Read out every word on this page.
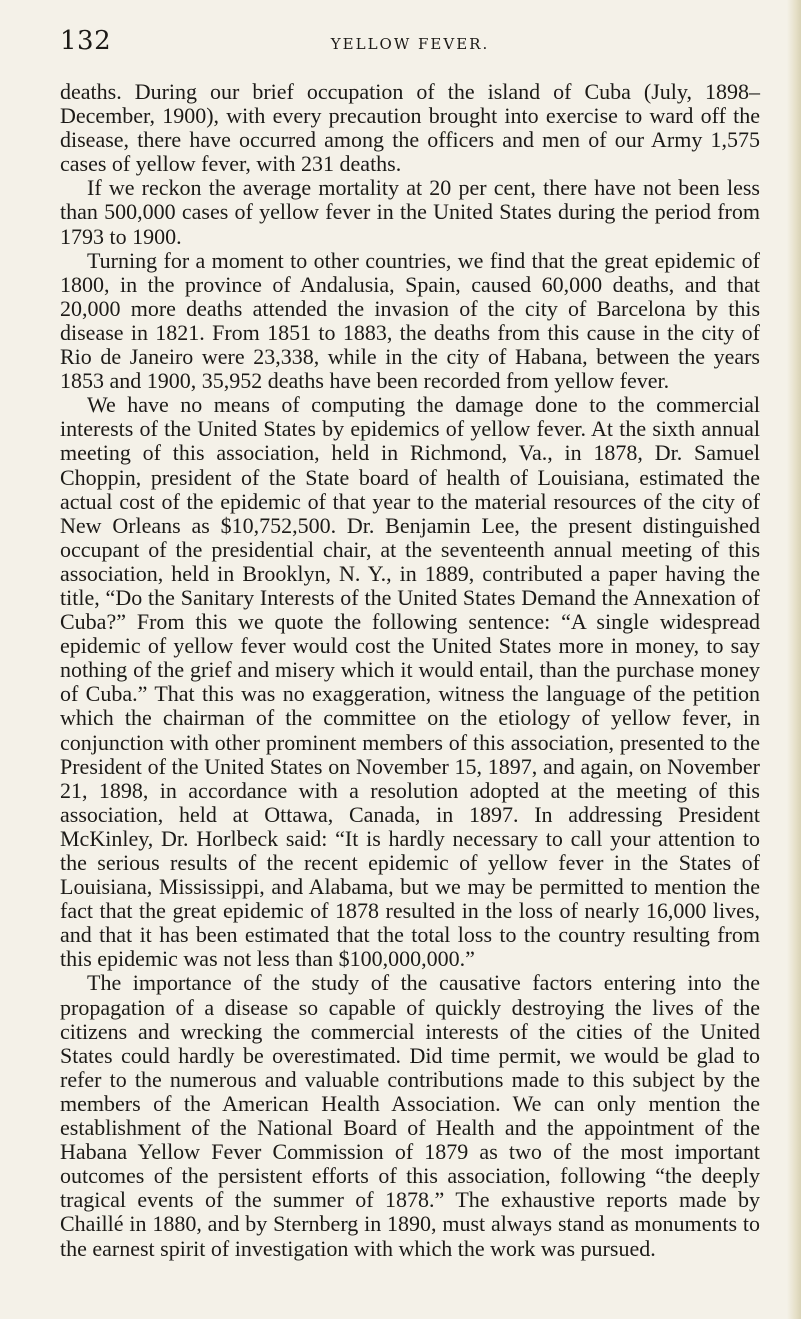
132	YELLOW FEVER.

deaths. During our brief occupation of the island of Cuba (July, 1898–December, 1900), with every precaution brought into exercise to ward off the disease, there have occurred among the officers and men of our Army 1,575 cases of yellow fever, with 231 deaths.

If we reckon the average mortality at 20 per cent, there have not been less than 500,000 cases of yellow fever in the United States during the period from 1793 to 1900.

Turning for a moment to other countries, we find that the great epidemic of 1800, in the province of Andalusia, Spain, caused 60,000 deaths, and that 20,000 more deaths attended the invasion of the city of Barcelona by this disease in 1821. From 1851 to 1883, the deaths from this cause in the city of Rio de Janeiro were 23,338, while in the city of Habana, between the years 1853 and 1900, 35,952 deaths have been recorded from yellow fever.

We have no means of computing the damage done to the commercial interests of the United States by epidemics of yellow fever. At the sixth annual meeting of this association, held in Richmond, Va., in 1878, Dr. Samuel Choppin, president of the State board of health of Louisiana, estimated the actual cost of the epidemic of that year to the material resources of the city of New Orleans as $10,752,500. Dr. Benjamin Lee, the present distinguished occupant of the presidential chair, at the seventeenth annual meeting of this association, held in Brooklyn, N. Y., in 1889, contributed a paper having the title, “Do the Sanitary Interests of the United States Demand the Annexation of Cuba?” From this we quote the following sentence: “A single widespread epidemic of yellow fever would cost the United States more in money, to say nothing of the grief and misery which it would entail, than the purchase money of Cuba.” That this was no exaggeration, witness the language of the petition which the chairman of the committee on the etiology of yellow fever, in conjunction with other prominent members of this association, presented to the President of the United States on November 15, 1897, and again, on November 21, 1898, in accordance with a resolution adopted at the meeting of this association, held at Ottawa, Canada, in 1897. In addressing President McKinley, Dr. Horlbeck said: “It is hardly necessary to call your attention to the serious results of the recent epidemic of yellow fever in the States of Louisiana, Mississippi, and Alabama, but we may be permitted to mention the fact that the great epidemic of 1878 resulted in the loss of nearly 16,000 lives, and that it has been estimated that the total loss to the country resulting from this epidemic was not less than $100,000,000.”

The importance of the study of the causative factors entering into the propagation of a disease so capable of quickly destroying the lives of the citizens and wrecking the commercial interests of the cities of the United States could hardly be overestimated. Did time permit, we would be glad to refer to the numerous and valuable contributions made to this subject by the members of the American Health Association. We can only mention the establishment of the National Board of Health and the appointment of the Habana Yellow Fever Commission of 1879 as two of the most important outcomes of the persistent efforts of this association, following “the deeply tragical events of the summer of 1878.” The exhaustive reports made by Chaillé in 1880, and by Sternberg in 1890, must always stand as monuments to the earnest spirit of investigation with which the work was pursued.
